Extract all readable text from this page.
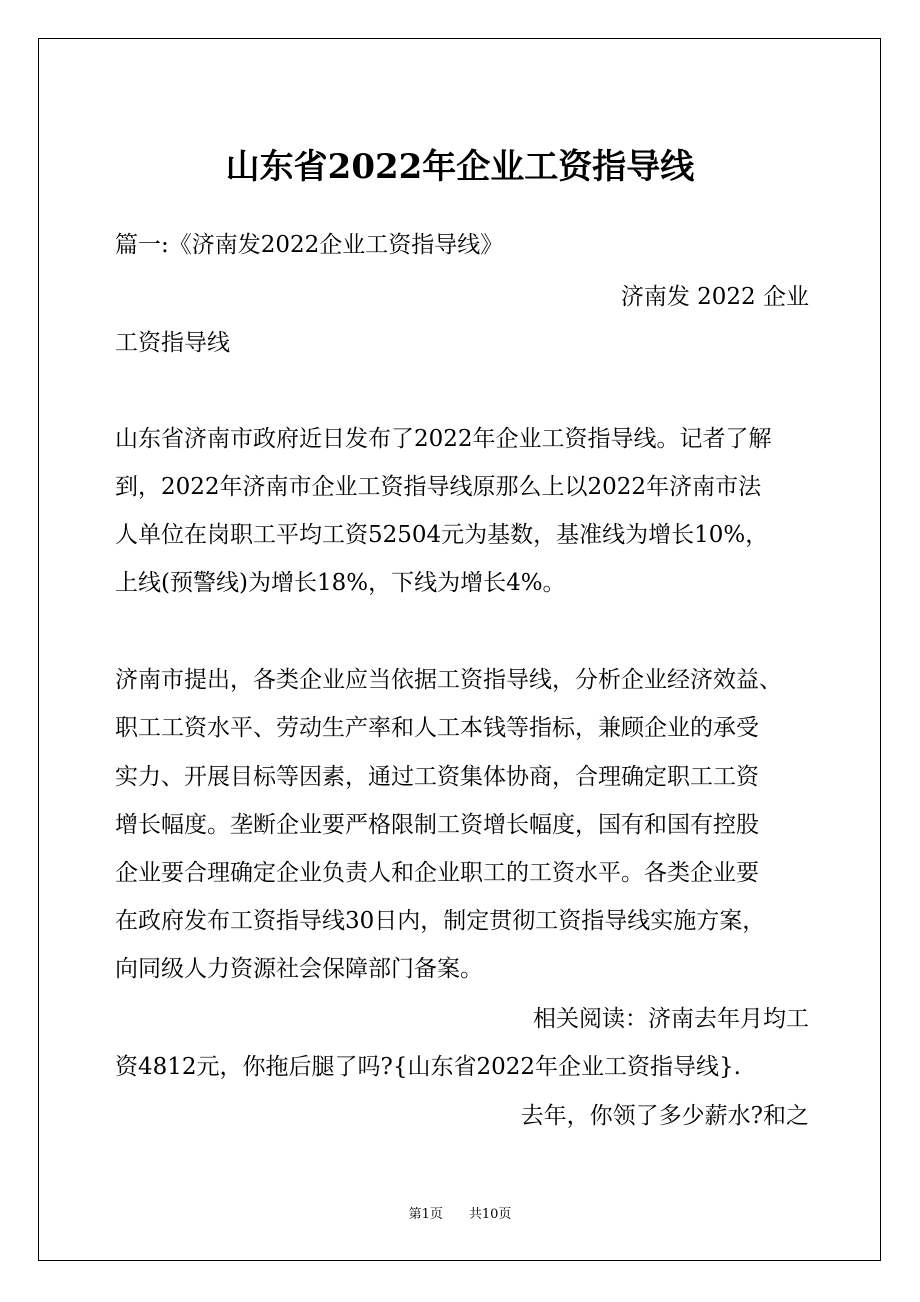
山东省2022年企业工资指导线

篇一:《济南发2022企业工资指导线》

济南发 2022 企业

工资指导线

山东省济南市政府近日发布了2022年企业工资指导线。记者了解

到，2022年济南市企业工资指导线原那么上以2022年济南市法

人单位在岗职工平均工资52504元为基数，基准线为增长10%，

上线(预警线)为增长18%，下线为增长4%。

济南市提出，各类企业应当依据工资指导线，分析企业经济效益、

职工工资水平、劳动生产率和人工本钱等指标，兼顾企业的承受

实力、开展目标等因素，通过工资集体协商，合理确定职工工资

增长幅度。垄断企业要严格限制工资增长幅度，国有和国有控股

企业要合理确定企业负责人和企业职工的工资水平。各类企业要

在政府发布工资指导线30日内，制定贯彻工资指导线实施方案，

向同级人力资源社会保障部门备案。

相关阅读：济南去年月均工

资4812元，你拖后腿了吗?{山东省2022年企业工资指导线}.

去年，你领了多少薪水?和之

第1页 共10页
